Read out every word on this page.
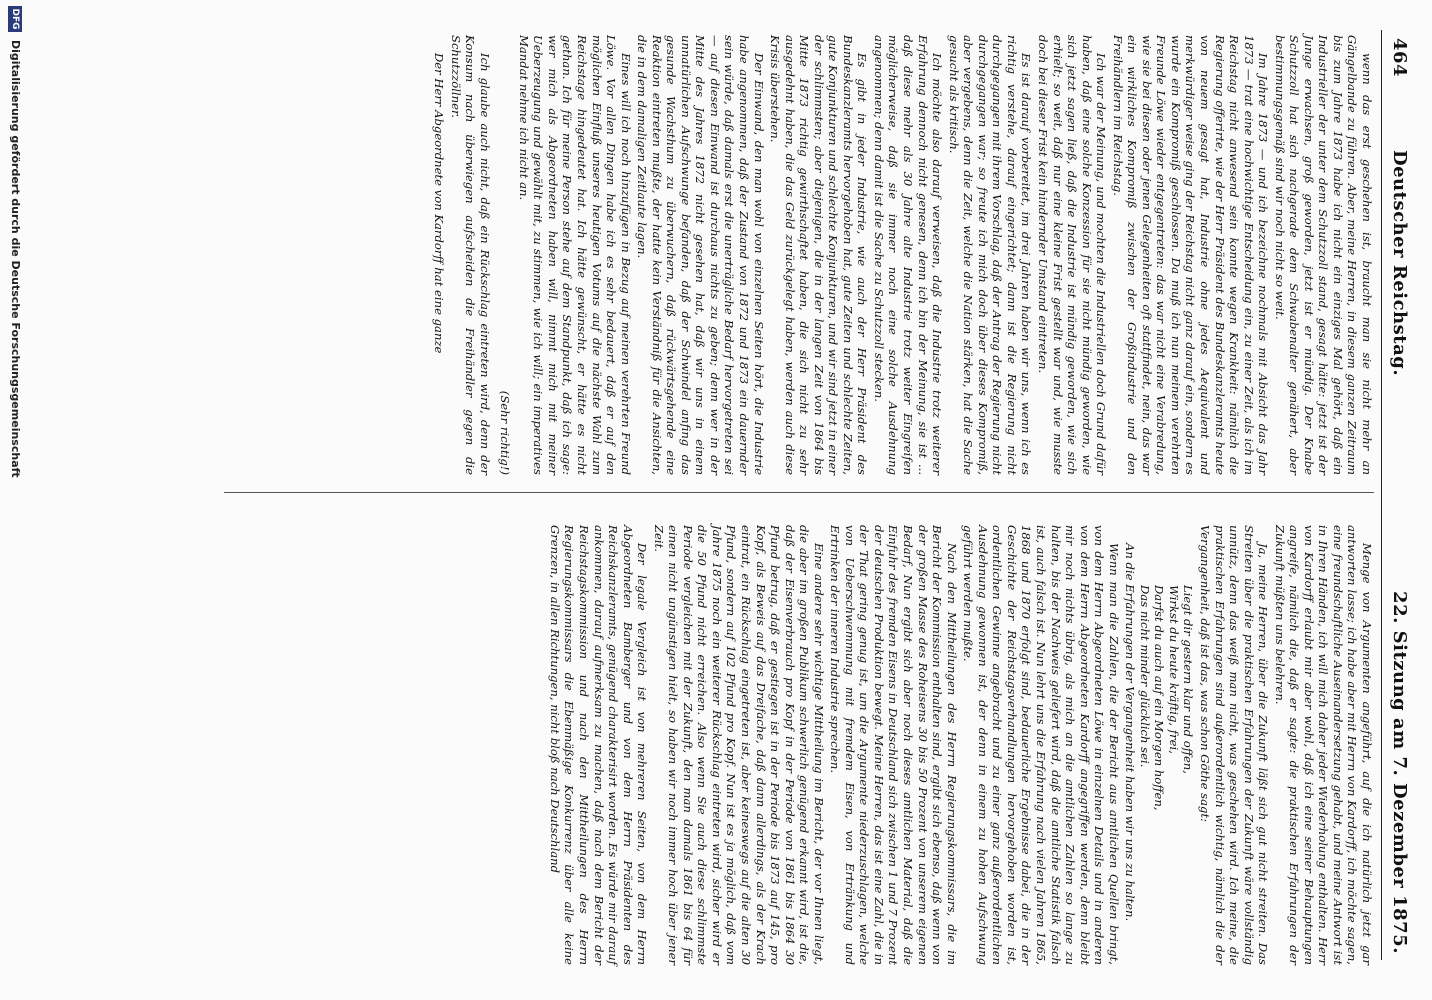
464
Deutscher Reichstag.
22. Sitzung am 7. Dezember 1875.

wenn das erst geschehen ist, braucht man sie nicht mehr an Gängelbande zu führen. Aber, meine Herren, in diesem ganzen Zeitraum bis zum Jahre 1873 habe ich nicht ein einziges Mal gehört, daß ein Industrieller der unter dem Schutzzoll stand, gesagt hätte: jetzt ist der Junge erwachsen, groß geworden, jetzt ist er mündig. Der Knabe Schutzzoll hat sich nachgerade dem Schwabenalter genähert, aber bestimmungsgemäß sind wir noch nicht so weit.

Im Jahre 1873 — und ich bezeichne nochmals mit Absicht das Jahr 1873 — trat eine hochwichtige Entscheidung ein, zu einer Zeit, als ich im Reichstag nicht anwesend sein konnte wegen Krankheit: nämlich die Regierung offerirte, wie der Herr Präsident des Bundeskanzleramts heute von neuem gesagt hat, Industrie ohne jedes Aequivalent und merkwürdiger weise ging der Reichstag nicht ganz darauf ein, sondern es wurde ein Kompromiß geschlossen. Da muß ich nun meinem verehrten Freunde Löwe wieder entgegentreten: das war nicht eine Verabredung, wie sie bei diesen oder jenen Gelegenheiten oft stattfindet, nein, das war ein wirkliches Kompromiß zwischen der Großindustrie und den Freihändlern im Reichstag.

Ich war der Meinung, und mochten die Industriellen doch Grund dafür haben, daß eine solche Konzession für sie nicht mündig geworden, wie sich jetzt sagen ließ, daß die Industrie ist mündig geworden, wie sich erhielt; so weit, daß nur eine kleine Frist gestellt war und, wie musste doch bei dieser Frist kein hindernder Umstand eintreten.

Es ist darauf vorbereitet, im drei Jahren haben wir uns, wenn ich es richtig verstehe, darauf eingerichtet; dann ist die Regierung nicht durchgegangen mit ihrem Vorschlag, daß der Antrag der Regierung nicht durchgegangen war; so freute ich mich doch über dieses Kompromiß, aber vergebens, denn die Zeit, welche die Nation stärken, hat die Sache gesucht als kritisch.

Ich möchte also darauf verweisen, daß die Industrie trotz weiterer Erfahrung dennoch nicht genesen, denn ich bin der Meinung, sie ist ... daß diese mehr als 30 Jahre alte Industrie trotz weiter Eingreifen möglicherweise, daß sie immer noch eine solche Ausdehnung angenommen; denn damit ist die Sache zu Schutzzoll stecken.

Es gibt in jeder Industrie, wie auch der Herr Präsident des Bundeskanzleramts hervorgehoben hat, gute Zeiten und schlechte Zeiten, gute Konjunkturen und schlechte Konjunkturen, und wir sind jetzt in einer der schlimmsten; aber diejenigen, die in der langen Zeit von 1864 bis Mitte 1873 richtig gewirthschaftet haben, die sich nicht zu sehr ausgedehnt haben, die das Geld zurückgelegt haben, werden auch diese Krisis überstehen.

Der Einwand, den man wohl von einzelnen Seiten hört, die Industrie habe angenommen, daß der Zustand von 1872 und 1873 ein dauernder sein würde, daß damals erst die unerträgliche Bedarf hervorgetreten sei — auf diesen Einwand ist durchaus nichts zu geben; denn wer in der Mitte des Jahres 1872 nicht gesehen hat, daß wir uns in einem unnatürlichen Aufschwunge befanden, daß der Schwindel anfing das gesunde Wachsthum zu überwuchern, daß rückwärtsgehende eine Reaktion eintreten mußte, der hatte kein Verständniß für die Ansichten, die in dem damaligen Zeitlaute lagen.

Eines will ich noch hinzufügen in Bezug auf meinen verehrten Freund Löwe. Vor allen Dingen habe ich es sehr bedauert, daß er auf den möglichen Einfluß unseres heutigen Votums auf die nächste Wahl zum Reichstage hingedeutet hat. Ich hätte gewünscht, er hätte es nicht gethan. Ich für meine Person stehe auf dem Standpunkt, daß ich sage: wer mich als Abgeordneten haben will, nimmt mich mit meiner Ueberzeugung und gewählt mit, zu stimmen, wie ich will; ein imperatives Mandat nehme ich nicht an.

(Sehr richtig!)

Ich glaube auch nicht, daß ein Rückschlag eintreten wird, denn der Konsum nach überwiegen aufscheiden die Freihändler gegen die Schutzzöllner.

Der Herr Abgeordnete von Kardorff hat eine ganze

Menge von Argumenten angeführt, auf die ich natürlich jetzt gar antworten lasse; ich habe aber mit Herrn von Kardorff, ich möchte sagen, eine freundschaftliche Auseinandersetzung gehabt, und meine Antwort ist in Ihren Händen, ich will mich daher jeder Wiederholung enthalten. Herr von Kardorff erlaubt mir aber wohl, daß ich eine seiner Behauptungen angreife, nämlich die, daß er sagte: die praktischen Erfahrungen der Zukunft müßten uns belehren.

Ja, meine Herren, über die Zukunft läßt sich gut nicht streiten. Das Streiten über die praktischen Erfahrungen der Zukunft wäre vollständig unnütz, denn das weiß man nicht, was geschehen wird. Ich meine, die praktischen Erfahrungen sind außerordentlich wichtig, nämlich die der Vergangenheit, daß ist das, was schon Göthe sagt:

Liegt dir gestern klar und offen,

Wirkst du heute kräftig, frei,

Darfst du auch auf ein Morgen hoffen,

Das nicht minder glücklich sei.

An die Erfahrungen der Vergangenheit haben wir uns zu halten.

Wenn man die Zahlen, die der Bericht aus amtlichen Quellen bringt, von dem Herrn Abgeordneten Löwe in einzelnen Details und in anderen von dem Herrn Abgeordneten Kardorff angegriffen werden, denn bleibt mir noch nichts übrig, als mich an die amtlichen Zahlen so lange zu halten, bis der Nachweis geliefert wird, daß die amtliche Statistik falsch ist, auch falsch ist. Nun lehrt uns die Erfahrung nach vielen Jahren 1865, 1868 und 1870 erfolgt sind, bedauerliche Ergebnisse dabei, die in der Geschichte der Reichstagsverhandlungen hervorgehoben worden ist, ordentlichen Gewinne angebracht und zu einer ganz außerordentlichen Ausdehnung gewonnen ist, der denn in einem zu hohen Aufschwung geführt werden mußte.

Nach den Mittheilungen des Herrn Regierungskommissars, die im Bericht der Kommission enthalten sind, ergibt sich ebenso, daß wenn von der großen Masse des Roheisens 30 bis 50 Prozent von unserem eigenen Bedarf, Nun ergibt sich aber noch dieses amtlichen Material, daß die Einfuhr des fremden Eisens in Deutschland sich zwischen 1 und 7 Prozent der deutschen Produktion bewegt. Meine Herren, das ist eine Zahl, die in der That gering genug ist, um die Argumente niederzuschlagen, welche von Ueberschwemmung mit fremdem Eisen, von Ertränkung und Ertrinken der inneren Industrie sprechen.

Eine andere sehr wichtige Mittheilung im Bericht, der vor Ihnen liegt, die aber im großen Publikum schwerlich genügend erkannt wird, ist die, daß der Eisenverbrauch pro Kopf in der Periode von 1861 bis 1864 30 Pfund betrug, daß er gestiegen ist in der Periode bis 1873 auf 145, pro Kopf, als Beweis auf das Dreifache, daß dann allerdings, als der Krach eintrat, ein Rückschlag eingetreten ist, aber keineswegs auf die alten 30 Pfund, sondern auf 102 Pfund pro Kopf. Nun ist es ja möglich, daß vom Jahre 1875 noch ein weiterer Rückschlag eintreten wird, sicher wird er die 50 Pfund nicht erreichen. Also wenn Sie auch diese schlimmste Periode vergleichen mit der Zukunft, den man damals 1861 bis 64 für einen nicht ungünstigen hielt, so haben wir noch immer hoch über jener Zeit.

Der legale Vergleich ist von mehreren Seiten, von dem Herrn Abgeordneten Bamberger und von dem Herrn Präsidenten des Reichskanzleramts, genügend charakterisirt worden. Es würde mir darauf ankommen, darauf aufmerksam zu machen, daß nach dem Bericht der Reichstagskommission und nach den Mittheilungen des Herrn Regierungskommissars die Ebenmäßige Konkurrenz über alle keine Grenzen, in allen Richtungen, nicht bloß nach Deutschland

DFG
Digitalisierung gefördert durch die Deutsche Forschungsgemeinschaft
